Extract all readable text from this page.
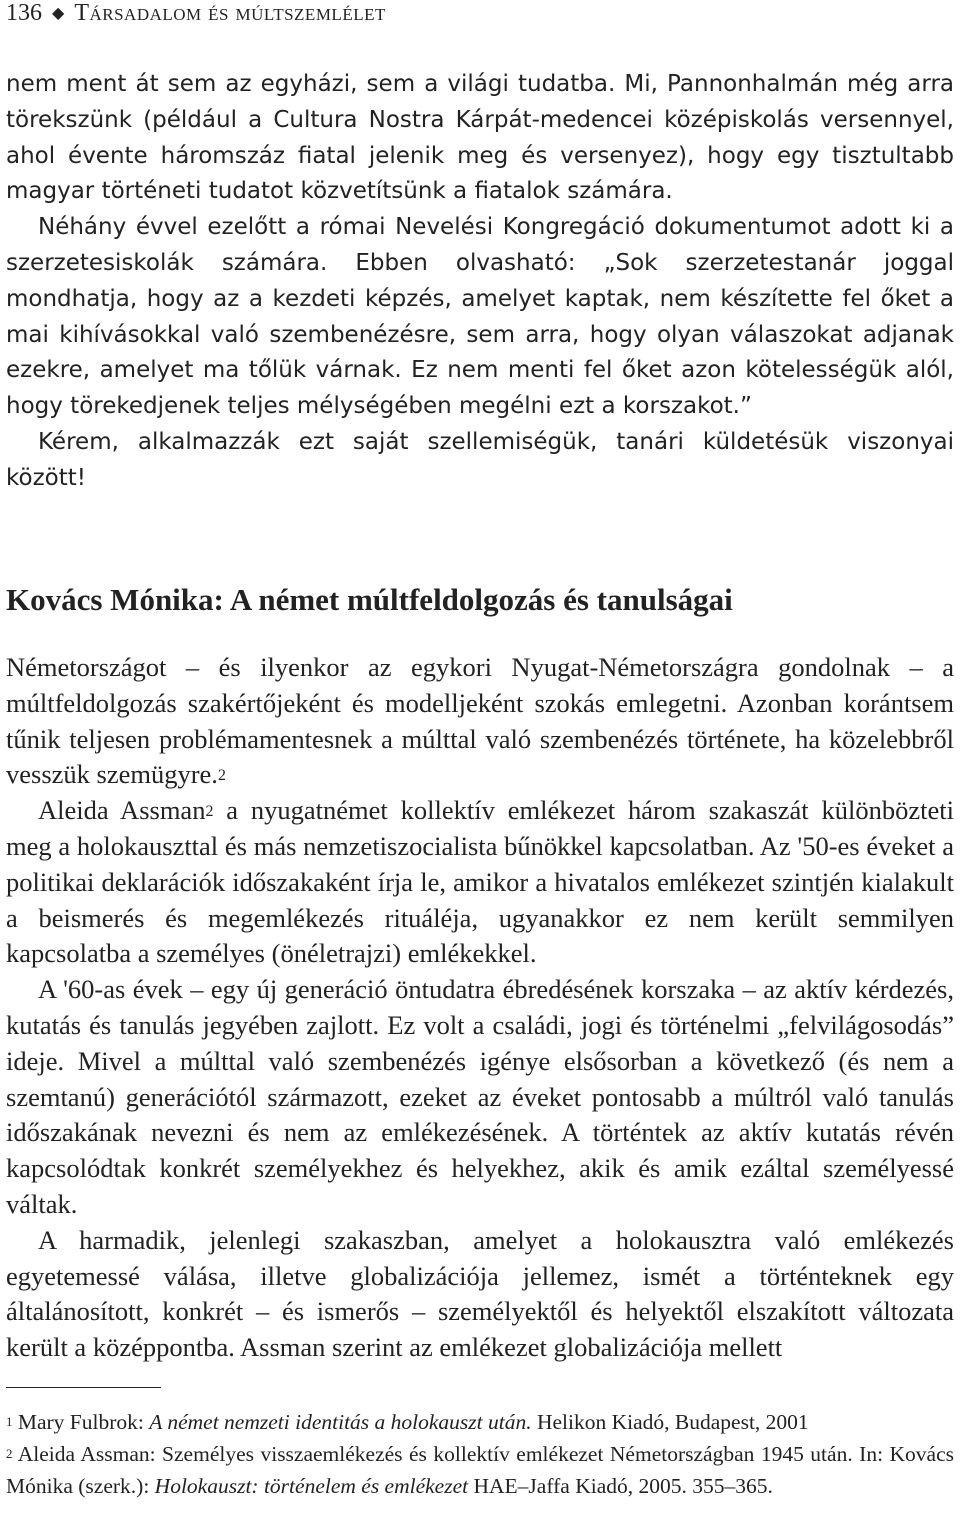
136 ◆ Társadalom és múltszemlélet

nem ment át sem az egyházi, sem a világi tudatba. Mi, Pannonhalmán még arra törekszünk (például a Cultura Nostra Kárpát-medencei középiskolás versennyel, ahol évente háromszáz fiatal jelenik meg és versenyez), hogy egy tisztultabb magyar történeti tudatot közvetítsünk a fiatalok számára.

Néhány évvel ezelőtt a római Nevelési Kongregáció dokumentumot adott ki a szerzetesiskolák számára. Ebben olvasható: „Sok szerzetestanár joggal mondhatja, hogy az a kezdeti képzés, amelyet kaptak, nem készítette fel őket a mai kihívásokkal való szembenézésre, sem arra, hogy olyan válaszokat adjanak ezekre, amelyet ma tőlük várnak. Ez nem menti fel őket azon kötelességük alól, hogy törekedjenek teljes mélységében megélni ezt a korszakot.”

Kérem, alkalmazzák ezt saját szellemiségük, tanári küldetésük viszonyai között!

Kovács Mónika: A német múltfeldolgozás és tanulságai

Németországot – és ilyenkor az egykori Nyugat-Németországra gondolnak – a múltfeldolgozás szakértőjeként és modelljeként szokás emlegetni. Azonban korántsem tűnik teljesen problémamentesnek a múlttal való szembenézés története, ha közelebbről vesszük szemügyre.$^2$

Aleida Assman$^2$ a nyugatnémet kollektív emlékezet három szakaszát különbözteti meg a holokauszttal és más nemzetiszocialista bűnökkel kapcsolatban. Az '50-es éveket a politikai deklarációk időszakaként írja le, amikor a hivatalos emlékezet szintjén kialakult a beismerés és megemlékezés rituáléja, ugyanakkor ez nem került semmilyen kapcsolatba a személyes (önéletrajzi) emlékekkel.

A '60-as évek – egy új generáció öntudatra ébredésének korszaka – az aktív kérdezés, kutatás és tanulás jegyében zajlott. Ez volt a családi, jogi és történelmi „felvilágosodás” ideje. Mivel a múlttal való szembenézés igénye elsősorban a következő (és nem a szemtanú) generációtól származott, ezeket az éveket pontosabb a múltról való tanulás időszakának nevezni és nem az emlékezésének. A történtek az aktív kutatás révén kapcsolódtak konkrét személyekhez és helyekhez, akik és amik ezáltal személyessé váltak.

A harmadik, jelenlegi szakaszban, amelyet a holokausztra való emlékezés egyetemessé válása, illetve globalizációja jellemez, ismét a történteknek egy általánosított, konkrét – és ismerős – személyektől és helyektől elszakított változata került a középpontba. Assman szerint az emlékezet globalizációja mellett

$^1$ Mary Fulbrok: A német nemzeti identitás a holokauszt után. Helikon Kiadó, Budapest, 2001

$^2$ Aleida Assman: Személyes visszaemlékezés és kollektív emlékezet Németországban 1945 után. In: Kovács Mónika (szerk.): Holokauszt: történelem és emlékezet HAE–Jaffa Kiadó, 2005. 355–365.
